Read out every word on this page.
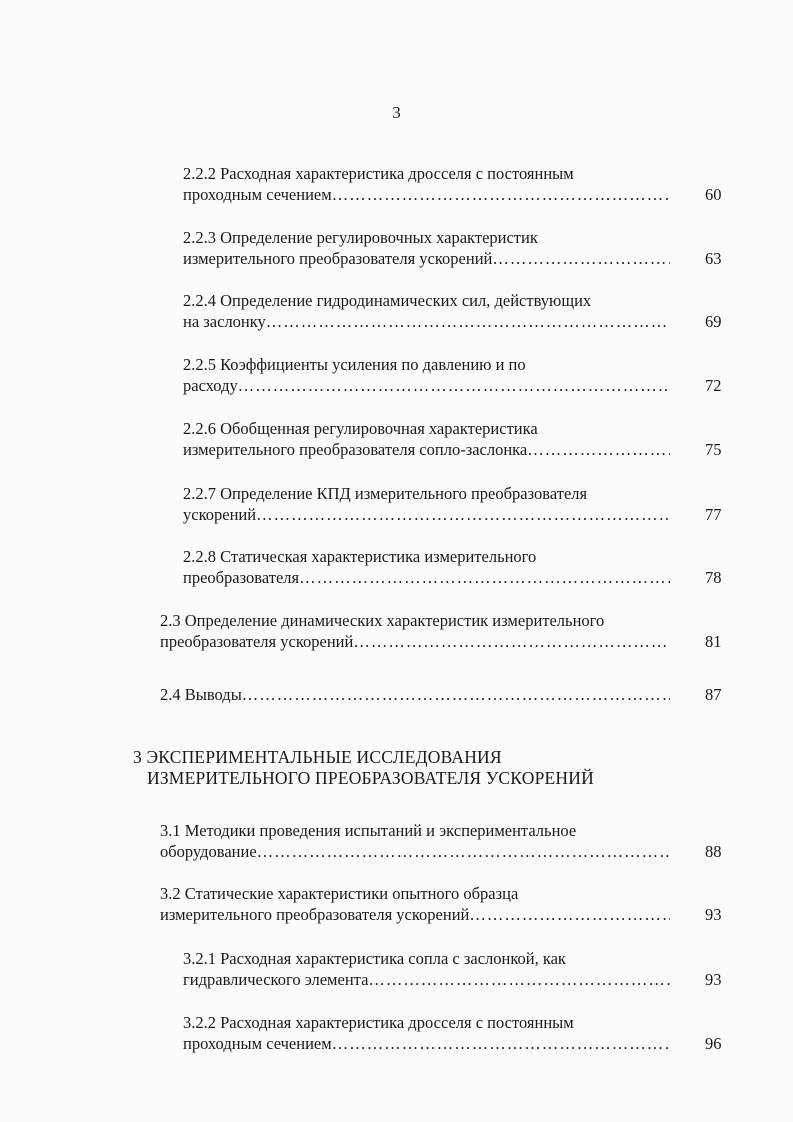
3
2.2.2 Расходная характеристика дросселя с постоянным
проходным сечением …………………………………………………………………………………………………………	60
2.2.3 Определение регулировочных характеристик
измерительного преобразователя ускорений …………………………………………………………………………………………………………	63
2.2.4 Определение гидродинамических сил, действующих
на заслонку …………………………………………………………………………………………………………	69
2.2.5 Коэффициенты усиления по давлению и по
расходу …………………………………………………………………………………………………………	72
2.2.6 Обобщенная регулировочная характеристика
измерительного преобразователя сопло-заслонка …………………………………………………………………………………………………………	75
2.2.7 Определение КПД измерительного преобразователя
ускорений …………………………………………………………………………………………………………	77
2.2.8 Статическая характеристика измерительного
преобразователя …………………………………………………………………………………………………………	78
2.3 Определение динамических характеристик измерительного
преобразователя ускорений …………………………………………………………………………………………………………	81
2.4 Выводы …………………………………………………………………………………………………………	87
3 ЭКСПЕРИМЕНТАЛЬНЫЕ ИССЛЕДОВАНИЯ
ИЗМЕРИТЕЛЬНОГО ПРЕОБРАЗОВАТЕЛЯ УСКОРЕНИЙ
3.1 Методики проведения испытаний и экспериментальное
оборудование …………………………………………………………………………………………………………	88
3.2 Статические характеристики опытного образца
измерительного преобразователя ускорений …………………………………………………………………………………………………………	93
3.2.1 Расходная характеристика сопла с заслонкой, как
гидравлического элемента …………………………………………………………………………………………………………	93
3.2.2 Расходная характеристика дросселя с постоянным
проходным сечением …………………………………………………………………………………………………………	96
